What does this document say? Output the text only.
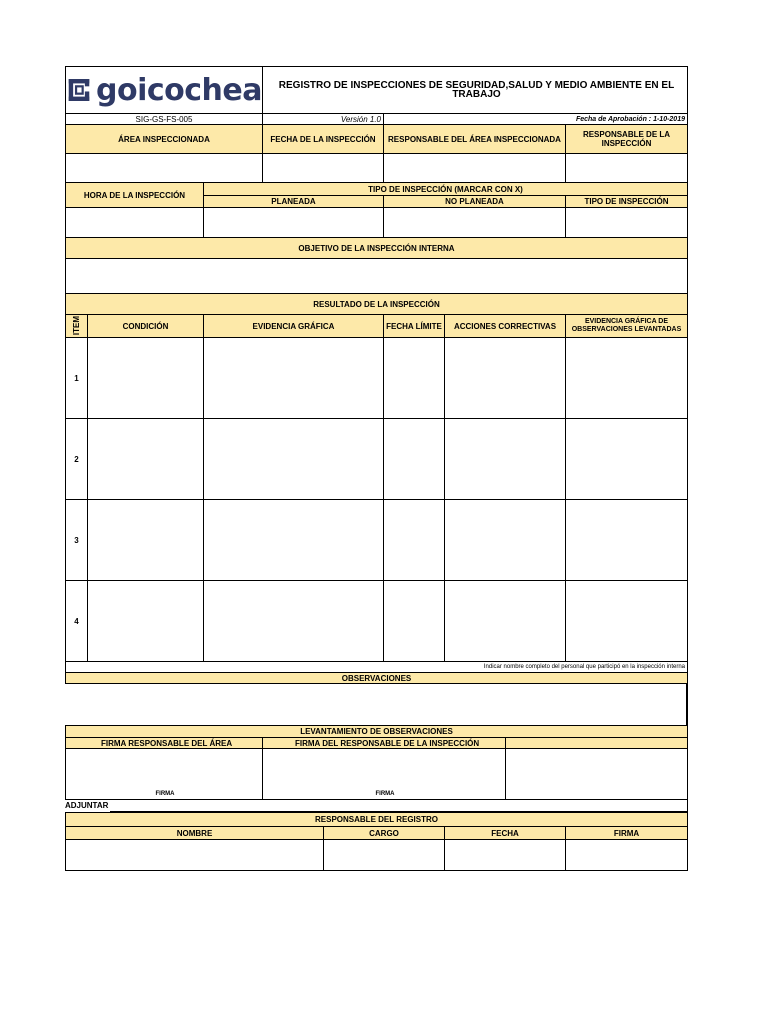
goicochea	REGISTRO DE INSPECCIONES DE SEGURIDAD,SALUD Y MEDIO AMBIENTE EN EL TRABAJO
SIG-GS-FS-005	Versión 1.0	Fecha de Aprobación : 1-10-2019
ÁREA INSPECCIONADA	FECHA DE LA INSPECCIÓN	RESPONSABLE DEL ÁREA INSPECCIONADA	RESPONSABLE DE LA INSPECCIÓN
HORA DE LA INSPECCIÓN
TIPO DE INSPECCIÓN (MARCAR CON X)
PLANEADA	NO PLANEADA	TIPO DE INSPECCIÓN
OBJETIVO DE LA INSPECCIÓN INTERNA
RESULTADO DE LA INSPECCIÓN
ITEM	CONDICIÓN	EVIDENCIA GRÁFICA	FECHA LÍMITE	ACCIONES CORRECTIVAS	EVIDENCIA GRÁFICA DE OBSERVACIONES LEVANTADAS
1
2
3
4
Indicar nombre completo del personal que participó en la inspección interna
OBSERVACIONES
LEVANTAMIENTO DE OBSERVACIONES
FIRMA RESPONSABLE DEL ÁREA	FIRMA DEL RESPONSABLE DE LA INSPECCIÓN
FIRMA	FIRMA
ADJUNTAR
RESPONSABLE DEL REGISTRO
NOMBRE	CARGO	FECHA	FIRMA
